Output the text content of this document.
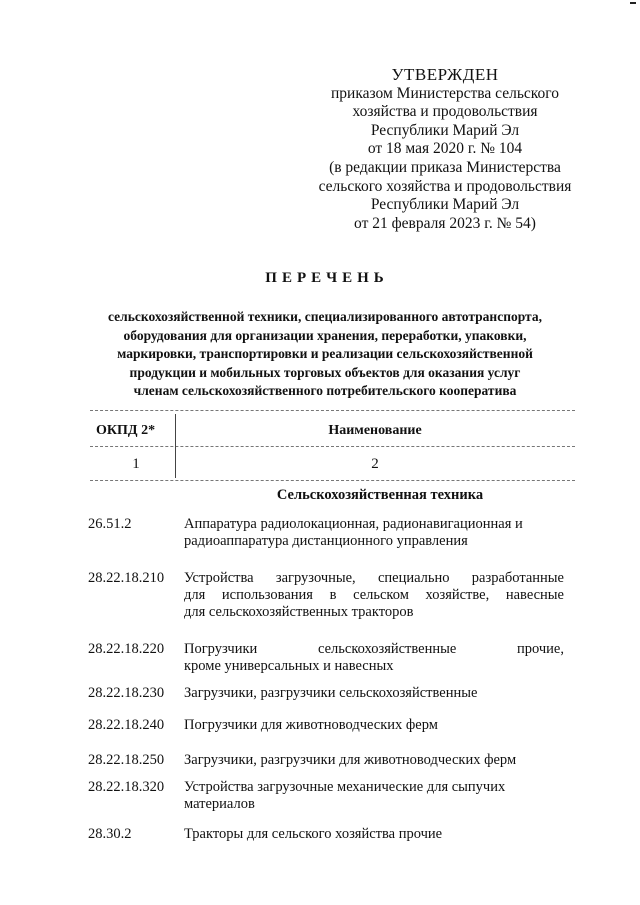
УТВЕРЖДЕН
приказом Министерства сельского
хозяйства и продовольствия
Республики Марий Эл
от 18 мая 2020 г. № 104
(в редакции приказа Министерства
сельского хозяйства и продовольствия
Республики Марий Эл
от 21 февраля 2023 г. № 54)
ПЕРЕЧЕНЬ
сельскохозяйственной техники, специализированного автотранспорта,
оборудования для организации хранения, переработки, упаковки,
маркировки, транспортировки и реализации сельскохозяйственной
продукции и мобильных торговых объектов для оказания услуг
членам сельскохозяйственного потребительского кооператива
ОКПД 2*	Наименование
1	2
Сельскохозяйственная техника
26.51.2	Аппаратура радиолокационная, радионавигационная и
радиоаппаратура дистанционного управления
28.22.18.210 Устройства загрузочные, специально разработанные
для использования в сельском хозяйстве, навесные
для сельскохозяйственных тракторов
28.22.18.220 Погрузчики сельскохозяйственные прочие,
кроме универсальных и навесных
28.22.18.230 Загрузчики, разгрузчики сельскохозяйственные
28.22.18.240 Погрузчики для животноводческих ферм
28.22.18.250 Загрузчики, разгрузчики для животноводческих ферм
28.22.18.320 Устройства загрузочные механические для сыпучих
материалов
28.30.2	Тракторы для сельского хозяйства прочие
